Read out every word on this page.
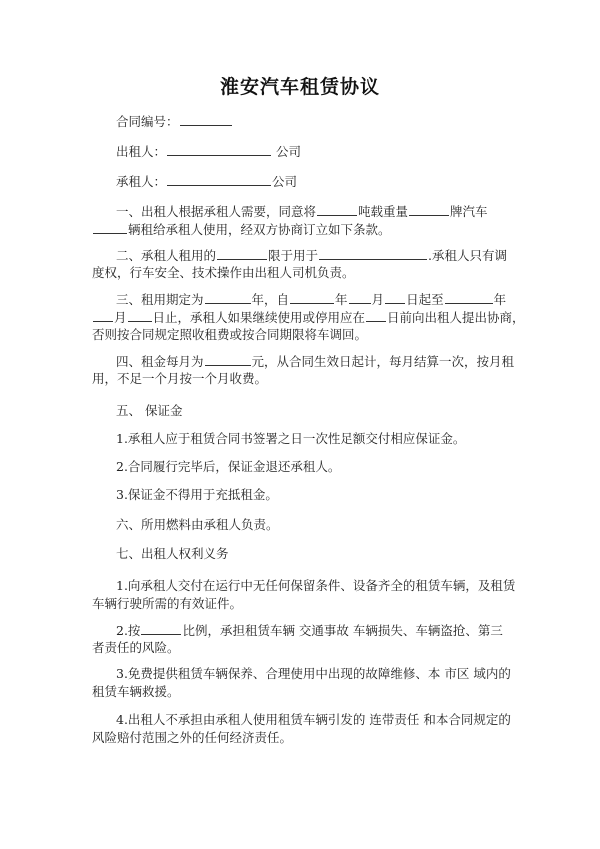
淮安汽车租赁协议
合同编号：
出租人：	公司
承租人：	公司
一、出租人根据承租人需要，同意将	吨载重量	牌汽车
辆租给承租人使用，经双方协商订立如下条款。
二、承租人租用的	限于用于	.承租人只有调
度权，行车安全、技术操作由出租人司机负责。
三、租用期定为	年，自	年 月 日起至	年
月 日止，承租人如果继续使用或停用应在 日前向出租人提出协商，
否则按合同规定照收租费或按合同期限将车调回。
四、租金每月为	元，从合同生效日起计，每月结算一次，按月租
用，不足一个月按一个月收费。
五、 保证金
1.承租人应于租赁合同书签署之日一次性足额交付相应保证金。
2.合同履行完毕后，保证金退还承租人。
3.保证金不得用于充抵租金。
六、所用燃料由承租人负责。
七、出租人权利义务
1.向承租人交付在运行中无任何保留条件、设备齐全的租赁车辆，及租赁
车辆行驶所需的有效证件。
2.按	比例，承担租赁车辆 交通事故 车辆损失、车辆盗抢、第三
者责任的风险。
3.免费提供租赁车辆保养、合理使用中出现的故障维修、本 市区 域内的
租赁车辆救援。
4.出租人不承担由承租人使用租赁车辆引发的 连带责任 和本合同规定的
风险赔付范围之外的任何经济责任。
